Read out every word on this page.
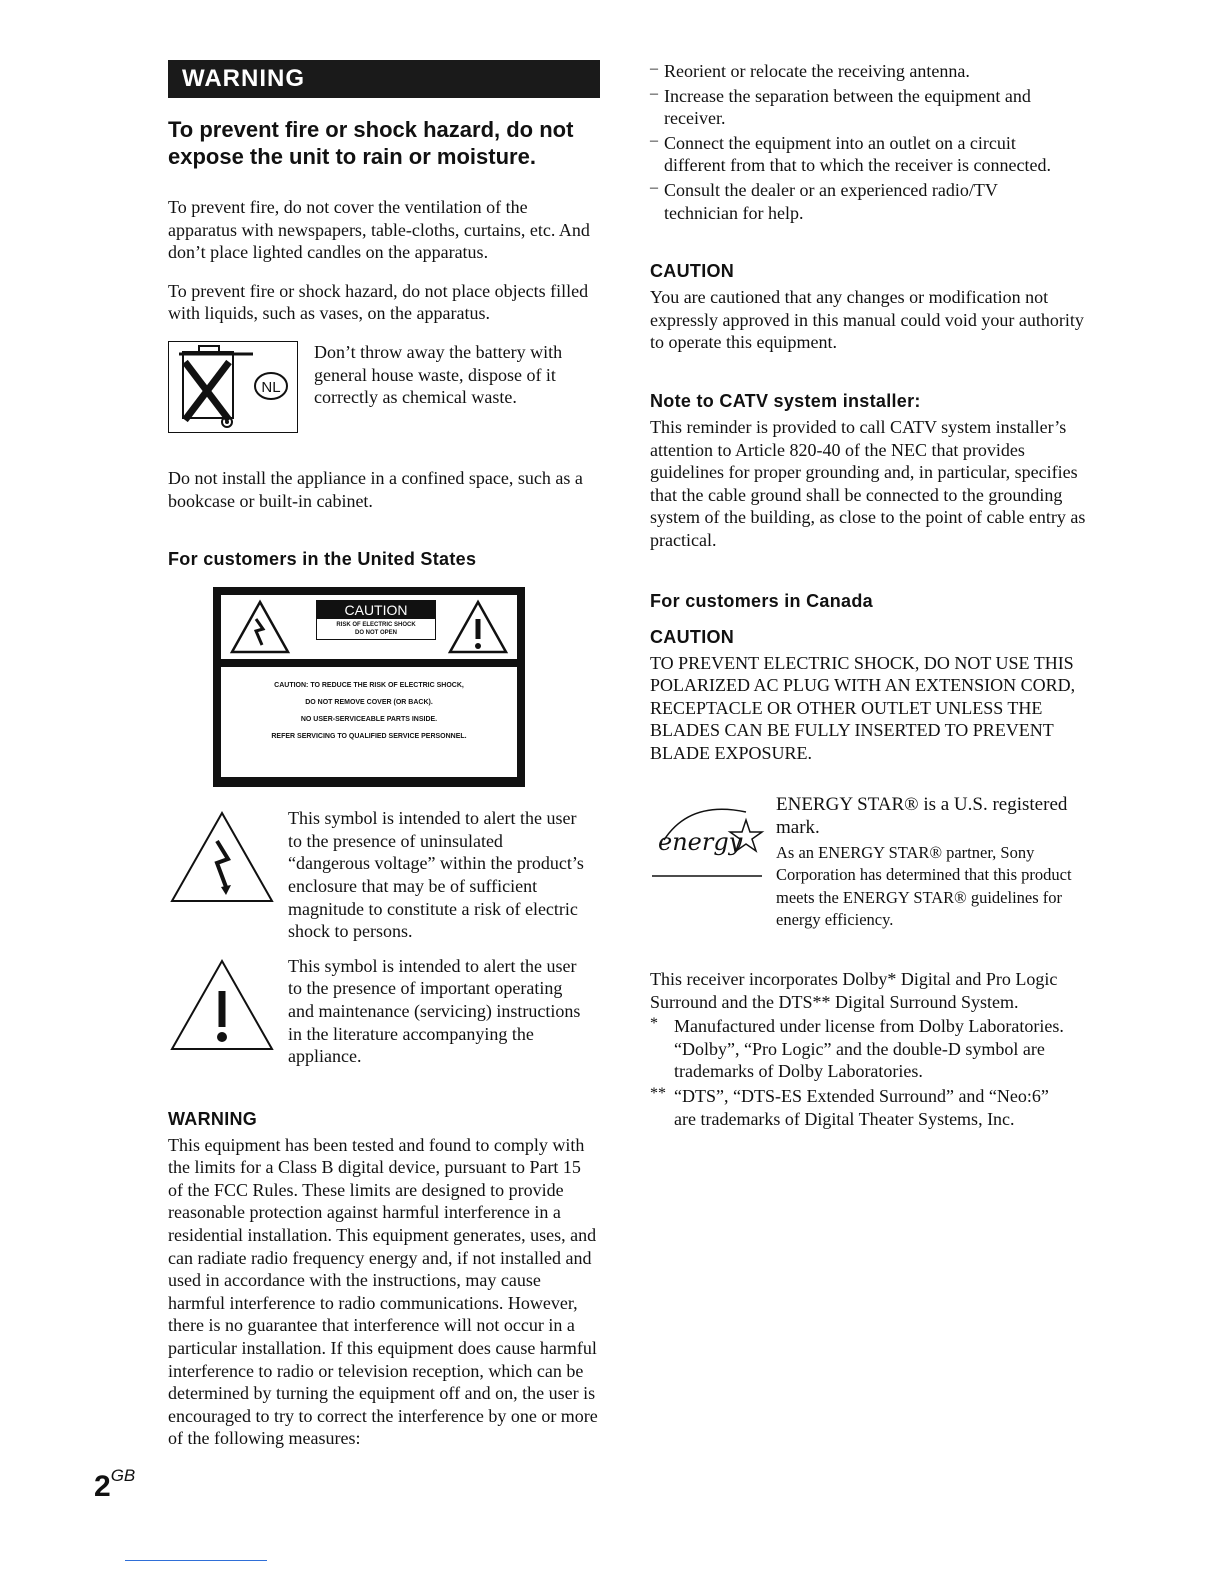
WARNING
To prevent fire or shock hazard, do not expose the unit to rain or moisture.

To prevent fire, do not cover the ventilation of the apparatus with newspapers, table-cloths, curtains, etc. And don’t place lighted candles on the apparatus.

To prevent fire or shock hazard, do not place objects filled with liquids, such as vases, on the apparatus.

NL

Don’t throw away the battery with general house waste, dispose of it correctly as chemical waste.

Do not install the appliance in a confined space, such as a bookcase or built-in cabinet.

For customers in the United States
CAUTION
RISK OF ELECTRIC SHOCK
DO NOT OPEN
CAUTION: TO REDUCE THE RISK OF ELECTRIC SHOCK,
DO NOT REMOVE COVER (OR BACK).
NO USER-SERVICEABLE PARTS INSIDE.
REFER SERVICING TO QUALIFIED SERVICE PERSONNEL.

This symbol is intended to alert the user to the presence of uninsulated “dangerous voltage” within the product’s enclosure that may be of sufficient magnitude to constitute a risk of electric shock to persons.

This symbol is intended to alert the user to the presence of important operating and maintenance (servicing) instructions in the literature accompanying the appliance.

WARNING

This equipment has been tested and found to comply with the limits for a Class B digital device, pursuant to Part 15 of the FCC Rules. These limits are designed to provide reasonable protection against harmful interference in a residential installation. This equipment generates, uses, and can radiate radio frequency energy and, if not installed and used in accordance with the instructions, may cause harmful interference to radio communications. However, there is no guarantee that interference will not occur in a particular installation. If this equipment does cause harmful interference to radio or television reception, which can be determined by turning the equipment off and on, the user is encouraged to try to correct the interference by one or more of the following measures:

– Reorient or relocate the receiving antenna.

– Increase the separation between the equipment and receiver.

– Connect the equipment into an outlet on a circuit different from that to which the receiver is connected.

– Consult the dealer or an experienced radio/TV technician for help.

CAUTION

You are cautioned that any changes or modification not expressly approved in this manual could void your authority to operate this equipment.

Note to CATV system installer:

This reminder is provided to call CATV system installer’s attention to Article 820-40 of the NEC that provides guidelines for proper grounding and, in particular, specifies that the cable ground shall be connected to the grounding system of the building, as close to the point of cable entry as practical.

For customers in Canada
CAUTION

TO PREVENT ELECTRIC SHOCK, DO NOT USE THIS POLARIZED AC PLUG WITH AN EXTENSION CORD, RECEPTACLE OR OTHER OUTLET UNLESS THE BLADES CAN BE FULLY INSERTED TO PREVENT BLADE EXPOSURE.

energy

ENERGY STAR® is a U.S. registered mark.

As an ENERGY STAR® partner, Sony Corporation has determined that this product meets the ENERGY STAR® guidelines for energy efficiency.

This receiver incorporates Dolby* Digital and Pro Logic Surround and the DTS** Digital Surround System.

* Manufactured under license from Dolby Laboratories.

“Dolby”, “Pro Logic” and the double-D symbol are trademarks of Dolby Laboratories.

** “DTS”, “DTS-ES Extended Surround” and “Neo:6” are trademarks of Digital Theater Systems, Inc.

$2^{GB}$
